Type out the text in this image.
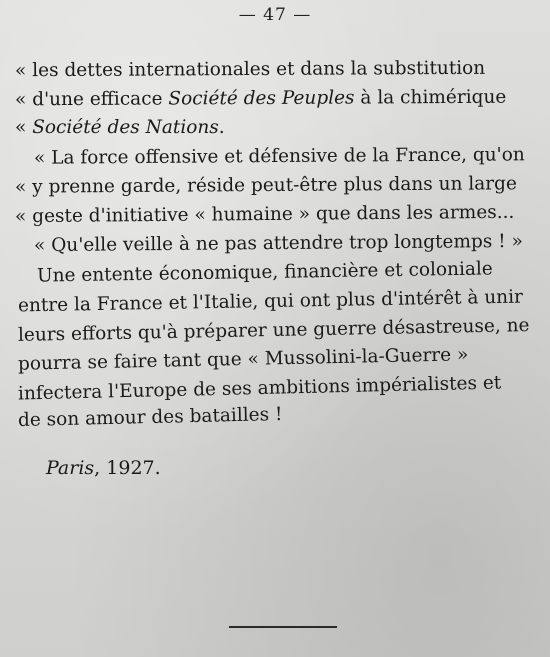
— 47 —
« les dettes internationales et dans la substitution
« d'une efficace Société des Peuples à la chimérique
« Société des Nations.
« La force offensive et défensive de la France, qu'on
« y prenne garde, réside peut-être plus dans un large
« geste d'initiative « humaine » que dans les armes...
« Qu'elle veille à ne pas attendre trop longtemps ! »
Une entente économique, financière et coloniale
entre la France et l'Italie, qui ont plus d'intérêt à unir
leurs efforts qu'à préparer une guerre désastreuse, ne
pourra se faire tant que « Mussolini-la-Guerre »
infectera l'Europe de ses ambitions impérialistes et
de son amour des batailles !
Paris, 1927.
